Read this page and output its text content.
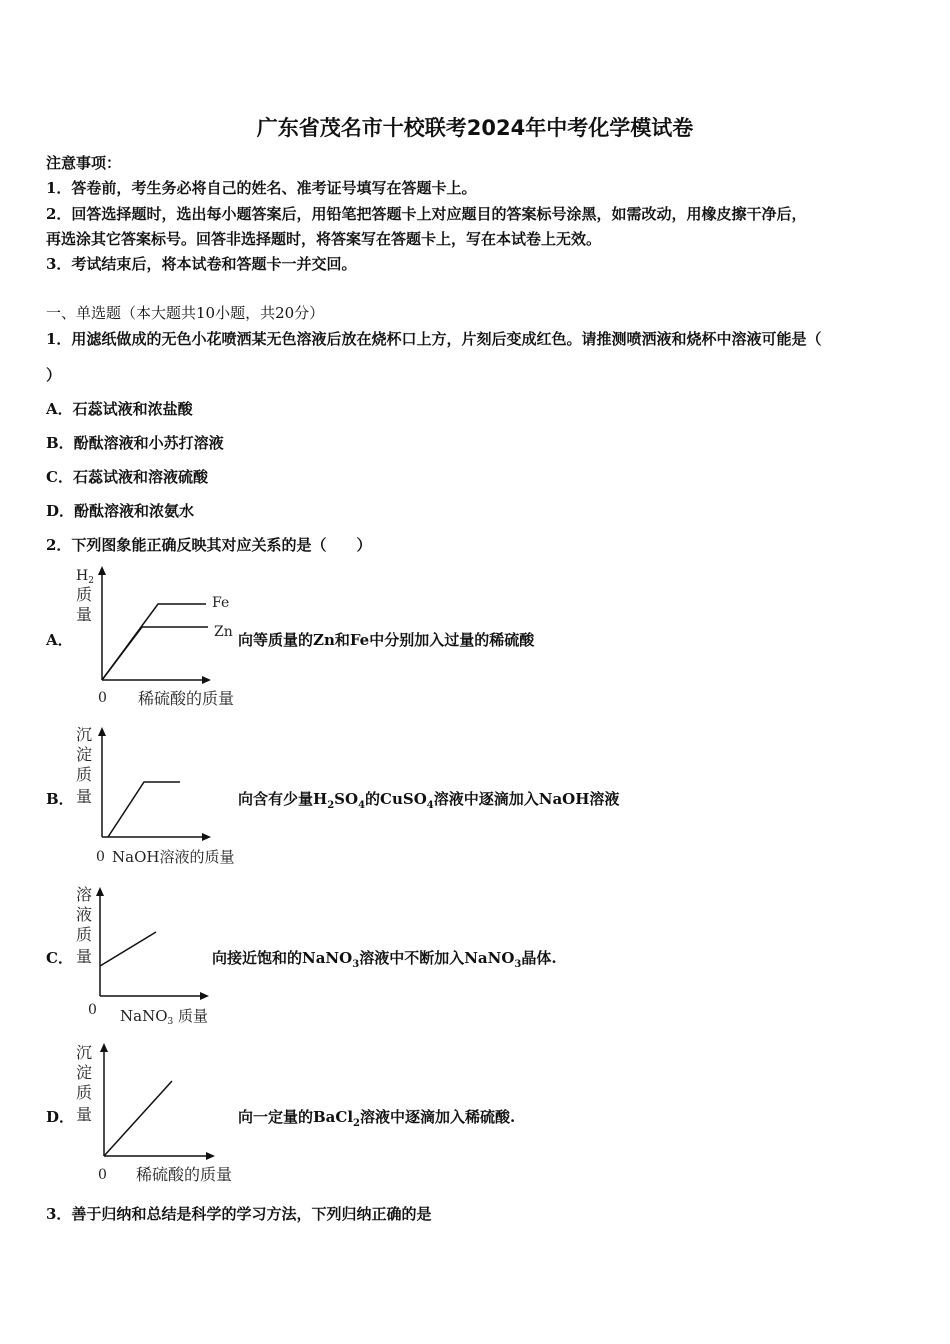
广东省茂名市十校联考2024年中考化学模试卷
注意事项：
1．答卷前，考生务必将自己的姓名、准考证号填写在答题卡上。
2．回答选择题时，选出每小题答案后，用铅笔把答题卡上对应题目的答案标号涂黑，如需改动，用橡皮擦干净后，
再选涂其它答案标号。回答非选择题时，将答案写在答题卡上，写在本试卷上无效。
3．考试结束后，将本试卷和答题卡一并交回。
一、单选题（本大题共10小题，共20分）
1．用滤纸做成的无色小花喷洒某无色溶液后放在烧杯口上方，片刻后变成红色。请推测喷洒液和烧杯中溶液可能是（
）
A．石蕊试液和浓盐酸
B．酚酞溶液和小苏打溶液
C．石蕊试液和溶液硫酸
D．酚酞溶液和浓氨水
2．下列图象能正确反映其对应关系的是（　　）
A．
$H_2$
质
量
Fe
Zn
0 稀硫酸的质量
向等质量的Zn和Fe中分别加入过量的稀硫酸
B．
沉
淀
质
量
0 NaOH溶液的质量
向含有少量$H_2SO_4$的CuSO$_4$溶液中逐滴加入NaOH溶液
C．
溶
液
质
量
0 NaNO$_3$ 质量
向接近饱和的NaNO$_3$溶液中不断加入NaNO$_3$晶体.
D．
沉
淀
质
量
0 稀硫酸的质量
向一定量的BaCl$_2$溶液中逐滴加入稀硫酸.
3．善于归纳和总结是科学的学习方法，下列归纳正确的是
